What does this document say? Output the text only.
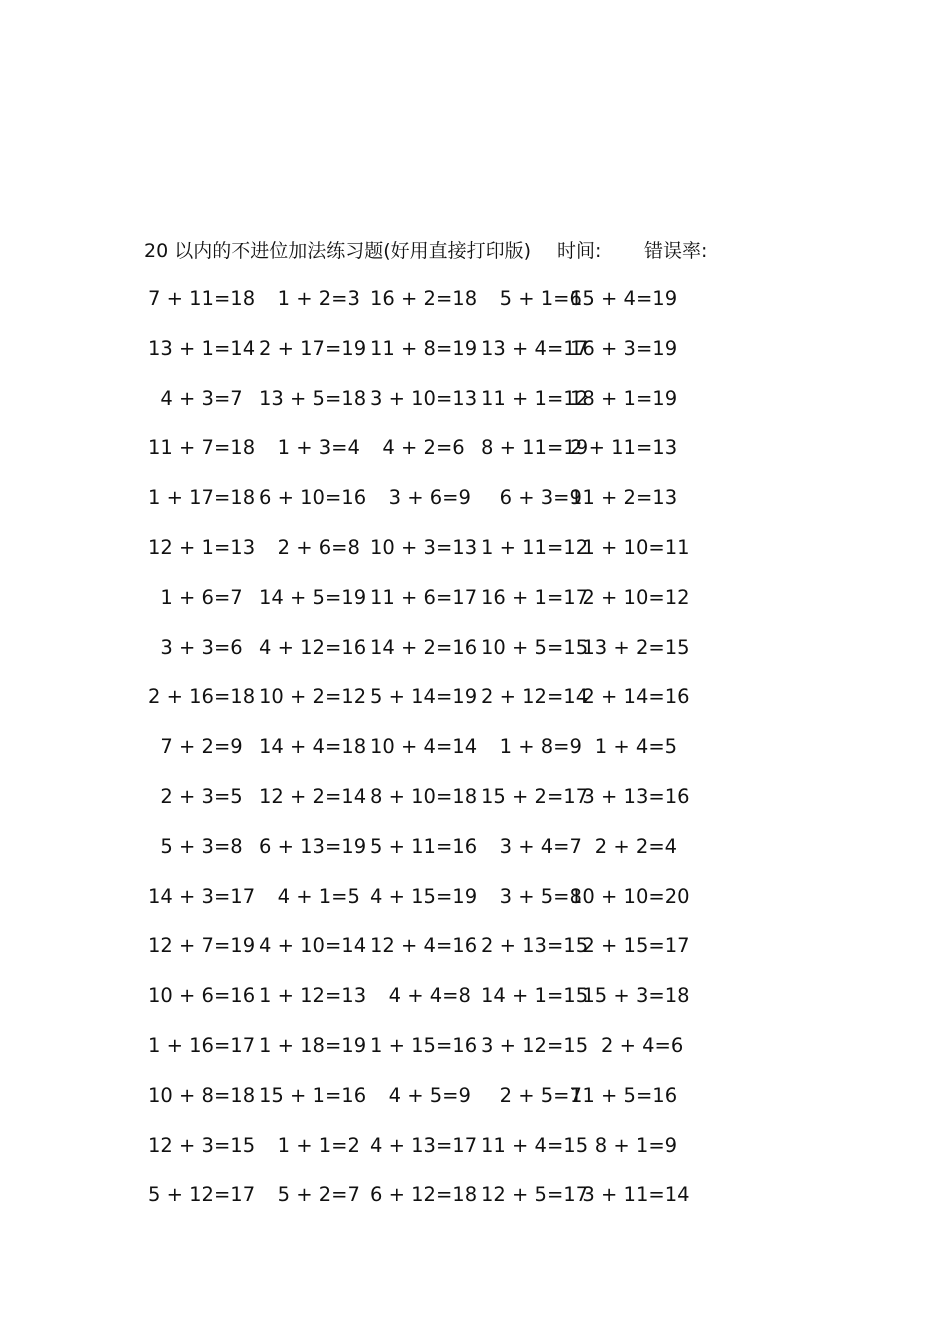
20 以内的不进位加法练习题(好用直接打印版) 时间: 错误率:
7 + 11=18 1 + 2=3 16 + 2=18 5 + 1=6
15 + 4=19
13 + 1=14 2 + 17=19 11 + 8=19 13 + 4=17
16 + 3=19
4 + 3=7 13 + 5=18 3 + 10=13 11 + 1=12
18 + 1=19
11 + 7=18 1 + 3=4 4 + 2=6 8 + 11=19
2 + 11=13
1 + 17=18 6 + 10=16 3 + 6=9 6 + 3=9
11 + 2=13
12 + 1=13 2 + 6=8 10 + 3=13 1 + 11=12
1 + 10=11
1 + 6=7 14 + 5=19 11 + 6=17 16 + 1=17
2 + 10=12
3 + 3=6 4 + 12=16 14 + 2=16 10 + 5=15
13 + 2=15
2 + 16=18 10 + 2=12 5 + 14=19 2 + 12=14
2 + 14=16
7 + 2=9 14 + 4=18 10 + 4=14 1 + 8=9
1 + 4=5
2 + 3=5 12 + 2=14 8 + 10=18 15 + 2=17
3 + 13=16
5 + 3=8 6 + 13=19 5 + 11=16 3 + 4=7
2 + 2=4
14 + 3=17 4 + 1=5 4 + 15=19 3 + 5=8
10 + 10=20
12 + 7=19 4 + 10=14 12 + 4=16 2 + 13=15
2 + 15=17
10 + 6=16 1 + 12=13 4 + 4=8 14 + 1=15
15 + 3=18
1 + 16=17 1 + 18=19 1 + 15=16 3 + 12=15
2 + 4=6
10 + 8=18 15 + 1=16 4 + 5=9 2 + 5=7
11 + 5=16
12 + 3=15 1 + 1=2 4 + 13=17 11 + 4=15
8 + 1=9
5 + 12=17 5 + 2=7 6 + 12=18 12 + 5=17
3 + 11=14
